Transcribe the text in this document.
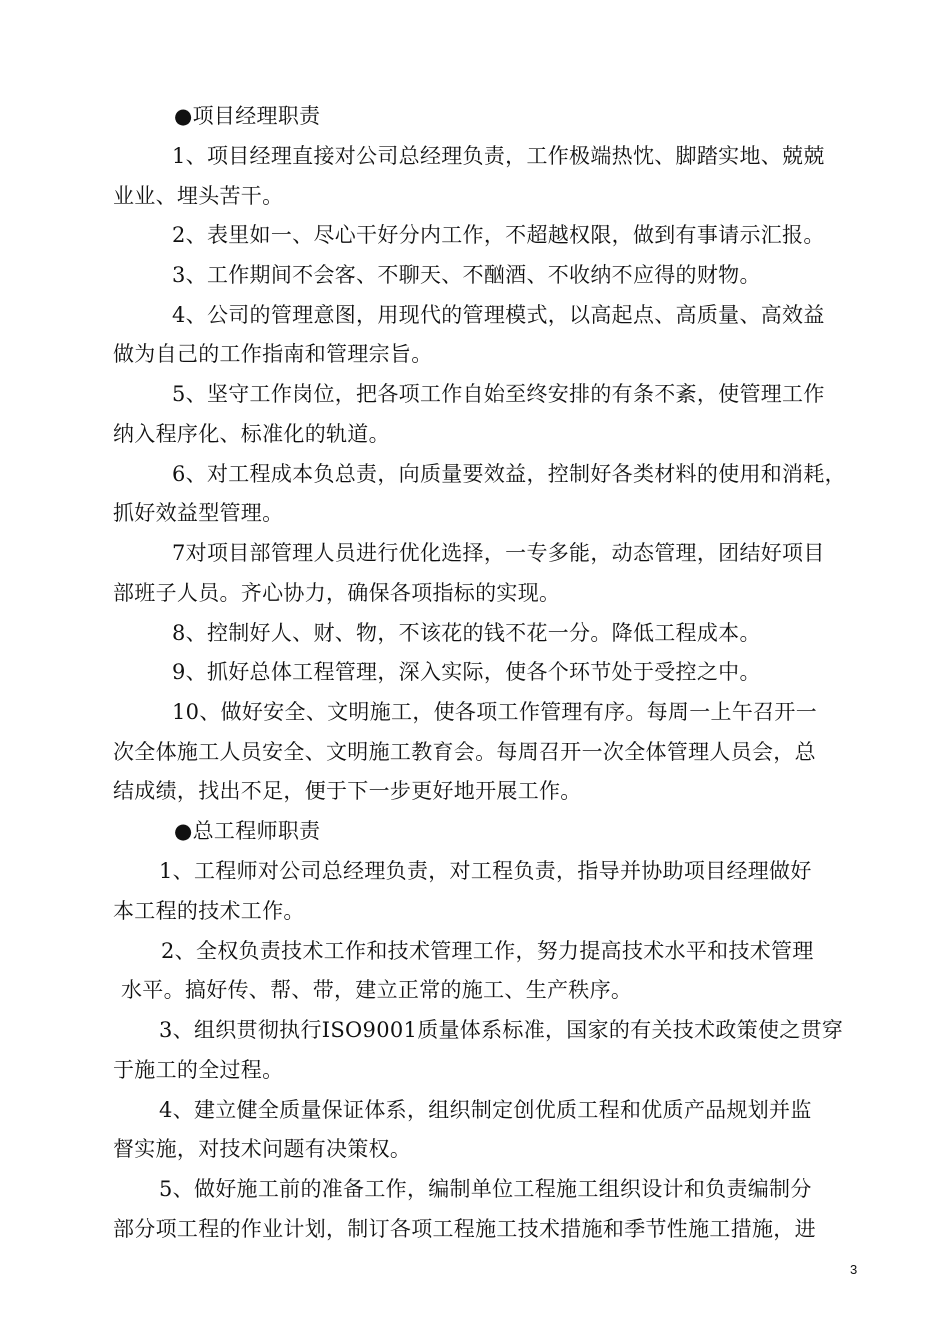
●项目经理职责
1、项目经理直接对公司总经理负责，工作极端热忱、脚踏实地、兢兢
业业、埋头苦干。
2、表里如一、尽心干好分内工作，不超越权限，做到有事请示汇报。
3、工作期间不会客、不聊天、不酗酒、不收纳不应得的财物。
4、公司的管理意图，用现代的管理模式，以高起点、高质量、高效益
做为自己的工作指南和管理宗旨。
5、坚守工作岗位，把各项工作自始至终安排的有条不紊，使管理工作
纳入程序化、标准化的轨道。
6、对工程成本负总责，向质量要效益，控制好各类材料的使用和消耗，
抓好效益型管理。
7对项目部管理人员进行优化选择，一专多能，动态管理，团结好项目
部班子人员。齐心协力，确保各项指标的实现。
8、控制好人、财、物，不该花的钱不花一分。降低工程成本。
9、抓好总体工程管理，深入实际，使各个环节处于受控之中。
10、做好安全、文明施工，使各项工作管理有序。每周一上午召开一
次全体施工人员安全、文明施工教育会。每周召开一次全体管理人员会，总
结成绩，找出不足，便于下一步更好地开展工作。
●总工程师职责
1、工程师对公司总经理负责，对工程负责，指导并协助项目经理做好
本工程的技术工作。
2、全权负责技术工作和技术管理工作，努力提高技术水平和技术管理
水平。搞好传、帮、带，建立正常的施工、生产秩序。
3、组织贯彻执行ISO9001质量体系标准，国家的有关技术政策使之贯穿
于施工的全过程。
4、建立健全质量保证体系，组织制定创优质工程和优质产品规划并监
督实施，对技术问题有决策权。
5、做好施工前的准备工作，编制单位工程施工组织设计和负责编制分
部分项工程的作业计划，制订各项工程施工技术措施和季节性施工措施，进
3
